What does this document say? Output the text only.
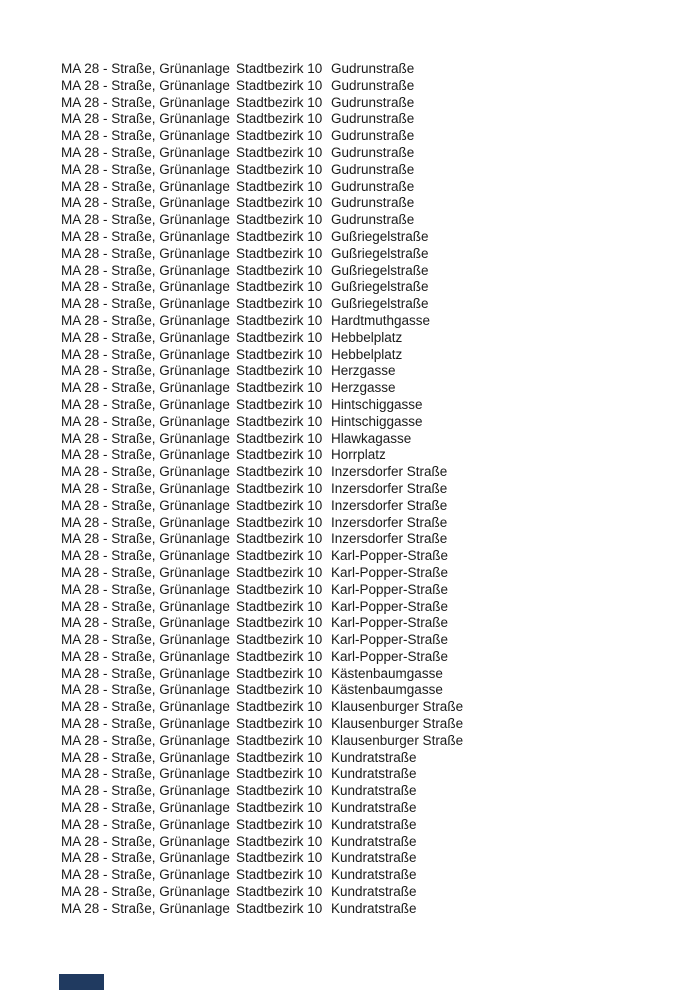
MA 28 - Straße, Grünanlage Stadtbezirk 10 Gudrunstraße
MA 28 - Straße, Grünanlage Stadtbezirk 10 Gudrunstraße
MA 28 - Straße, Grünanlage Stadtbezirk 10 Gudrunstraße
MA 28 - Straße, Grünanlage Stadtbezirk 10 Gudrunstraße
MA 28 - Straße, Grünanlage Stadtbezirk 10 Gudrunstraße
MA 28 - Straße, Grünanlage Stadtbezirk 10 Gudrunstraße
MA 28 - Straße, Grünanlage Stadtbezirk 10 Gudrunstraße
MA 28 - Straße, Grünanlage Stadtbezirk 10 Gudrunstraße
MA 28 - Straße, Grünanlage Stadtbezirk 10 Gudrunstraße
MA 28 - Straße, Grünanlage Stadtbezirk 10 Gudrunstraße
MA 28 - Straße, Grünanlage Stadtbezirk 10 Gußriegelstraße
MA 28 - Straße, Grünanlage Stadtbezirk 10 Gußriegelstraße
MA 28 - Straße, Grünanlage Stadtbezirk 10 Gußriegelstraße
MA 28 - Straße, Grünanlage Stadtbezirk 10 Gußriegelstraße
MA 28 - Straße, Grünanlage Stadtbezirk 10 Gußriegelstraße
MA 28 - Straße, Grünanlage Stadtbezirk 10 Hardtmuthgasse
MA 28 - Straße, Grünanlage Stadtbezirk 10 Hebbelplatz
MA 28 - Straße, Grünanlage Stadtbezirk 10 Hebbelplatz
MA 28 - Straße, Grünanlage Stadtbezirk 10 Herzgasse
MA 28 - Straße, Grünanlage Stadtbezirk 10 Herzgasse
MA 28 - Straße, Grünanlage Stadtbezirk 10 Hintschiggasse
MA 28 - Straße, Grünanlage Stadtbezirk 10 Hintschiggasse
MA 28 - Straße, Grünanlage Stadtbezirk 10 Hlawkagasse
MA 28 - Straße, Grünanlage Stadtbezirk 10 Horrplatz
MA 28 - Straße, Grünanlage Stadtbezirk 10 Inzersdorfer Straße
MA 28 - Straße, Grünanlage Stadtbezirk 10 Inzersdorfer Straße
MA 28 - Straße, Grünanlage Stadtbezirk 10 Inzersdorfer Straße
MA 28 - Straße, Grünanlage Stadtbezirk 10 Inzersdorfer Straße
MA 28 - Straße, Grünanlage Stadtbezirk 10 Inzersdorfer Straße
MA 28 - Straße, Grünanlage Stadtbezirk 10 Karl-Popper-Straße
MA 28 - Straße, Grünanlage Stadtbezirk 10 Karl-Popper-Straße
MA 28 - Straße, Grünanlage Stadtbezirk 10 Karl-Popper-Straße
MA 28 - Straße, Grünanlage Stadtbezirk 10 Karl-Popper-Straße
MA 28 - Straße, Grünanlage Stadtbezirk 10 Karl-Popper-Straße
MA 28 - Straße, Grünanlage Stadtbezirk 10 Karl-Popper-Straße
MA 28 - Straße, Grünanlage Stadtbezirk 10 Karl-Popper-Straße
MA 28 - Straße, Grünanlage Stadtbezirk 10 Kästenbaumgasse
MA 28 - Straße, Grünanlage Stadtbezirk 10 Kästenbaumgasse
MA 28 - Straße, Grünanlage Stadtbezirk 10 Klausenburger Straße
MA 28 - Straße, Grünanlage Stadtbezirk 10 Klausenburger Straße
MA 28 - Straße, Grünanlage Stadtbezirk 10 Klausenburger Straße
MA 28 - Straße, Grünanlage Stadtbezirk 10 Kundratstraße
MA 28 - Straße, Grünanlage Stadtbezirk 10 Kundratstraße
MA 28 - Straße, Grünanlage Stadtbezirk 10 Kundratstraße
MA 28 - Straße, Grünanlage Stadtbezirk 10 Kundratstraße
MA 28 - Straße, Grünanlage Stadtbezirk 10 Kundratstraße
MA 28 - Straße, Grünanlage Stadtbezirk 10 Kundratstraße
MA 28 - Straße, Grünanlage Stadtbezirk 10 Kundratstraße
MA 28 - Straße, Grünanlage Stadtbezirk 10 Kundratstraße
MA 28 - Straße, Grünanlage Stadtbezirk 10 Kundratstraße
MA 28 - Straße, Grünanlage Stadtbezirk 10 Kundratstraße
